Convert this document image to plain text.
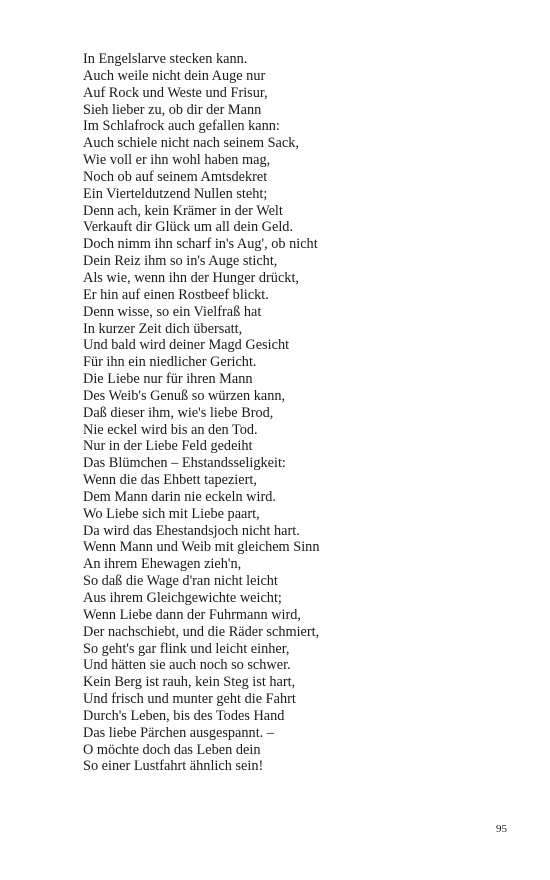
In Engelslarve stecken kann.
Auch weile nicht dein Auge nur
Auf Rock und Weste und Frisur,
Sieh lieber zu, ob dir der Mann
Im Schlafrock auch gefallen kann:
Auch schiele nicht nach seinem Sack,
Wie voll er ihn wohl haben mag,
Noch ob auf seinem Amtsdekret
Ein Vierteldutzend Nullen steht;
Denn ach, kein Krämer in der Welt
Verkauft dir Glück um all dein Geld.
Doch nimm ihn scharf in's Aug', ob nicht
Dein Reiz ihm so in's Auge sticht,
Als wie, wenn ihn der Hunger drückt,
Er hin auf einen Rostbeef blickt.
Denn wisse, so ein Vielfraß hat
In kurzer Zeit dich übersatt,
Und bald wird deiner Magd Gesicht
Für ihn ein niedlicher Gericht.
Die Liebe nur für ihren Mann
Des Weib's Genuß so würzen kann,
Daß dieser ihm, wie's liebe Brod,
Nie eckel wird bis an den Tod.
Nur in der Liebe Feld gedeiht
Das Blümchen – Ehstandsseligkeit:
Wenn die das Ehbett tapeziert,
Dem Mann darin nie eckeln wird.
Wo Liebe sich mit Liebe paart,
Da wird das Ehestandsjoch nicht hart.
Wenn Mann und Weib mit gleichem Sinn
An ihrem Ehewagen zieh'n,
So daß die Wage d'ran nicht leicht
Aus ihrem Gleichgewichte weicht;
Wenn Liebe dann der Fuhrmann wird,
Der nachschiebt, und die Räder schmiert,
So geht's gar flink und leicht einher,
Und hätten sie auch noch so schwer.
Kein Berg ist rauh, kein Steg ist hart,
Und frisch und munter geht die Fahrt
Durch's Leben, bis des Todes Hand
Das liebe Pärchen ausgespannt. –
O möchte doch das Leben dein
So einer Lustfahrt ähnlich sein!
95
